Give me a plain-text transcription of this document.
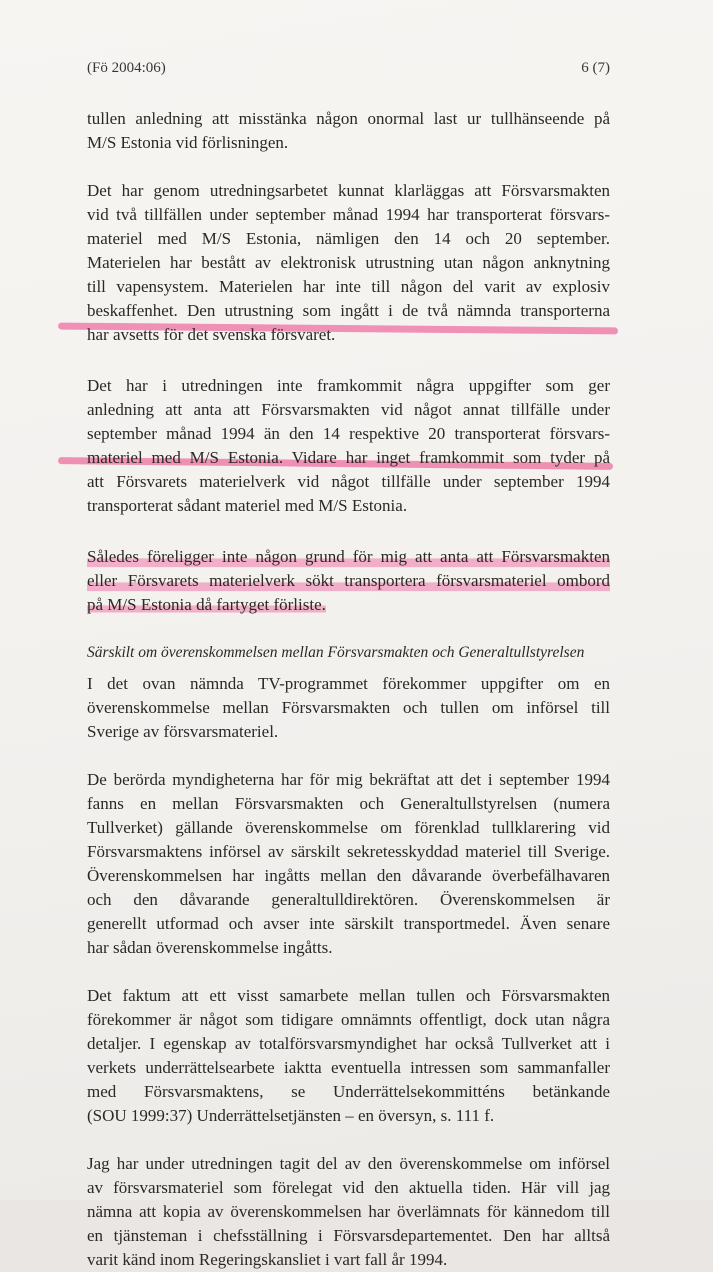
(Fö 2004:06)	6 (7)

tullen anledning att misstänka någon onormal last ur tullhänseende på
M/S Estonia vid förlisningen.

Det har genom utredningsarbetet kunnat klarläggas att Försvarsmakten
vid två tillfällen under september månad 1994 har transporterat försvars-
materiel med M/S Estonia, nämligen den 14 och 20 september.
Materielen har bestått av elektronisk utrustning utan någon anknytning
till vapensystem. Materielen har inte till någon del varit av explosiv
beskaffenhet. Den utrustning som ingått i de två nämnda transporterna
har avsetts för det svenska försvaret.

Det har i utredningen inte framkommit några uppgifter som ger
anledning att anta att Försvarsmakten vid något annat tillfälle under
september månad 1994 än den 14 respektive 20 transporterat försvars-
materiel med M/S Estonia. Vidare har inget framkommit som tyder på
att Försvarets materielverk vid något tillfälle under september 1994
transporterat sådant materiel med M/S Estonia.

Således föreligger inte någon grund för mig att anta att Försvarsmakten
eller Försvarets materielverk sökt transportera försvarsmateriel ombord
på M/S Estonia då fartyget förliste.

Särskilt om överenskommelsen mellan Försvarsmakten och Generaltullstyrelsen

I det ovan nämnda TV-programmet förekommer uppgifter om en
överenskommelse mellan Försvarsmakten och tullen om införsel till
Sverige av försvarsmateriel.

De berörda myndigheterna har för mig bekräftat att det i september 1994
fanns en mellan Försvarsmakten och Generaltullstyrelsen (numera
Tullverket) gällande överenskommelse om förenklad tullklarering vid
Försvarsmaktens införsel av särskilt sekretesskyddad materiel till Sverige.
Överenskommelsen har ingåtts mellan den dåvarande överbefälhavaren
och den dåvarande generaltulldirektören. Överenskommelsen är
generellt utformad och avser inte särskilt transportmedel. Även senare
har sådan överenskommelse ingåtts.

Det faktum att ett visst samarbete mellan tullen och Försvarsmakten
förekommer är något som tidigare omnämnts offentligt, dock utan några
detaljer. I egenskap av totalförsvarsmyndighet har också Tullverket att i
verkets underrättelsearbete iaktta eventuella intressen som sammanfaller
med Försvarsmaktens, se Underrättelsekommitténs betänkande
(SOU 1999:37) Underrättelsetjänsten – en översyn, s. 111 f.

Jag har under utredningen tagit del av den överenskommelse om införsel
av försvarsmateriel som förelegat vid den aktuella tiden. Här vill jag
nämna att kopia av överenskommelsen har överlämnats för kännedom till
en tjänsteman i chefsställning i Försvarsdepartementet. Den har alltså
varit känd inom Regeringskansliet i vart fall år 1994.
